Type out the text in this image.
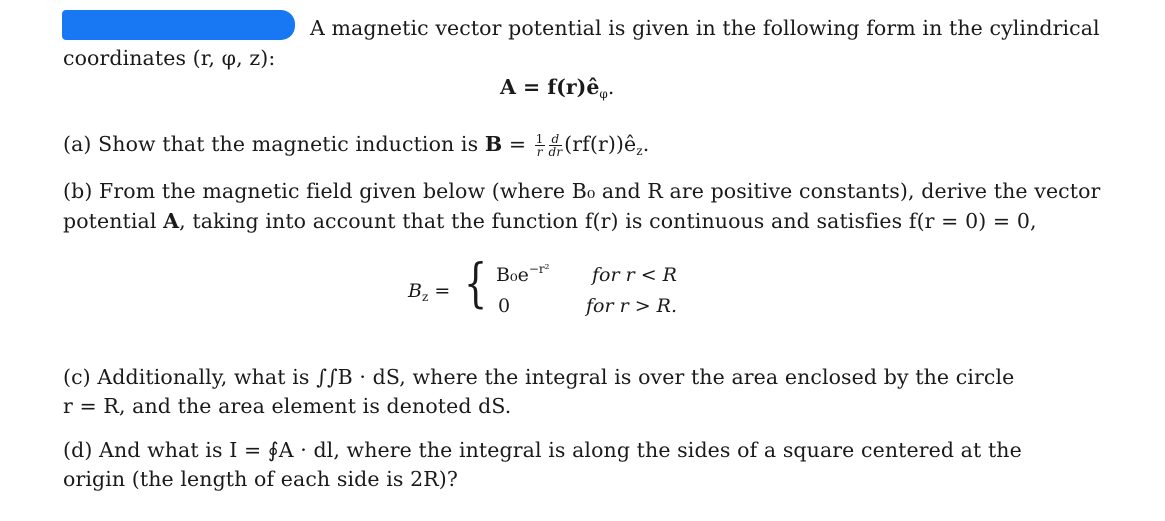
A magnetic vector potential is given in the following form in the cylindrical
coordinates (r, φ, z):
$A = f(r)ê_\varphi$.
(a) Show that the magnetic induction is $B = \frac{1}{r} \frac{d}{dr}$ $(rf(r))ê_z$.
(b) From the magnetic field given below (where B₀ and R are positive constants), derive the vector
potential A, taking into account that the function f(r) is continuous and satisfies f(r = 0) = 0,
$B_z$ = { $B_0e^{-r^2}$ for r < R
0	for r > R.
(c) Additionally, what is ∫∫B · dS, where the integral is over the area enclosed by the circle
r = R, and the area element is denoted dS.
(d) And what is I = ∮A · dl, where the integral is along the sides of a square centered at the
origin (the length of each side is 2R)?
